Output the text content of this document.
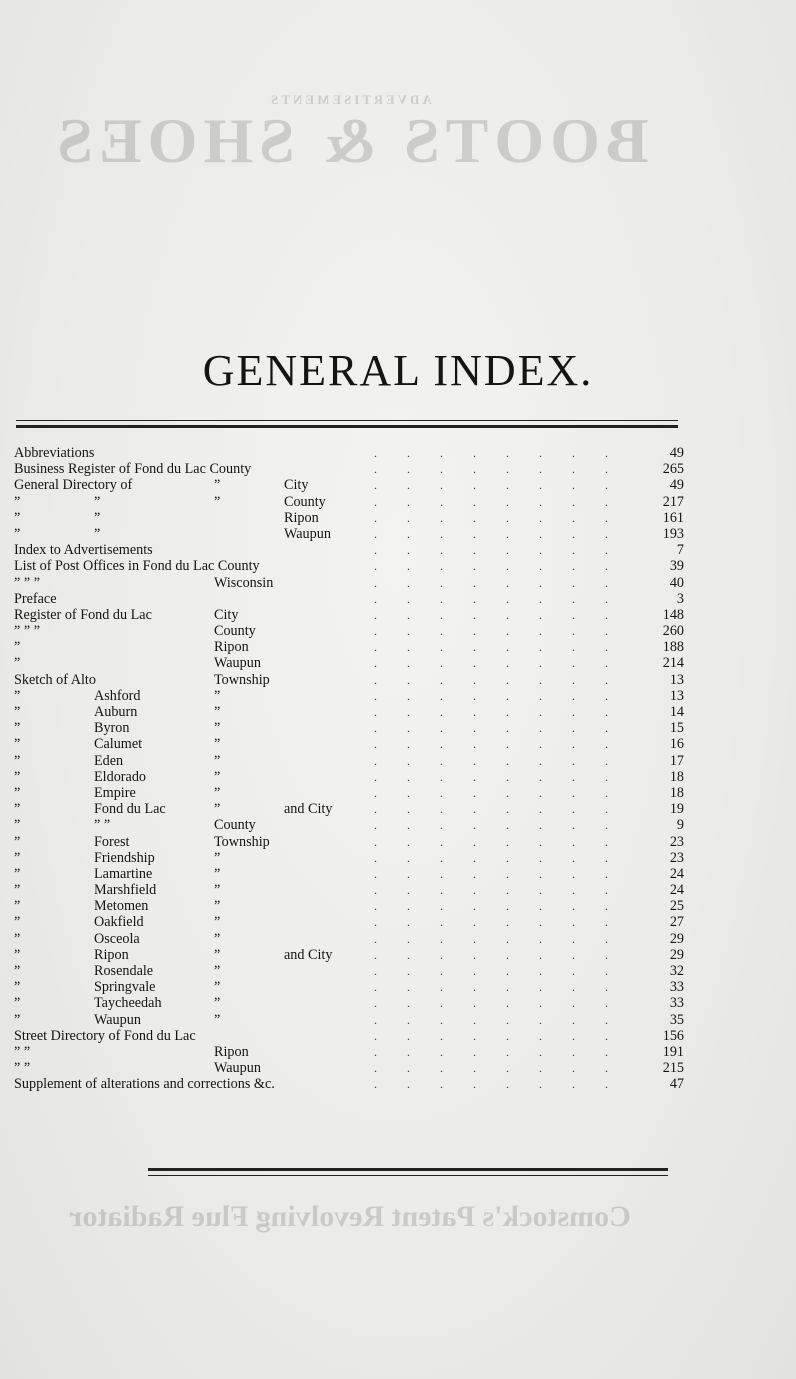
ADVERTISEMENTS
BOOTS & SHOES
Comstock's Patent Revolving Flue Radiator
GENERAL INDEX.
Abbreviations	........ 49
Business Register of Fond du Lac County	........ 265
General Directory of	”	City	........ 49
”	”	”	County	........ 217
”	”	Ripon	........ 161
”	”	Waupun	........ 193
Index to Advertisements	........	7
List of Post Offices in Fond du Lac County	........ 39
” ” ”	Wisconsin	........ 40
Preface	........	3
Register of Fond du Lac	City	........ 148
” ” ”	County	........ 260
”	Ripon	........ 188
”	Waupun	........ 214
Sketch of Alto	Township	........ 13
”	Ashford	”	........ 13
”	Auburn	”	........ 14
”	Byron	”	........ 15
”	Calumet	”	........ 16
”	Eden	”	........ 17
”	Eldorado	”	........ 18
”	Empire	”	........ 18
”	Fond du Lac	”	and City	........ 19
”	” ”	County	........	9
”	Forest	Township	........ 23
”	Friendship	”	........ 23
”	Lamartine	”	........ 24
”	Marshfield	”	........ 24
”	Metomen	”	........ 25
”	Oakfield	”	........ 27
”	Osceola	”	........ 29
”	Ripon	”	and City	........ 29
”	Rosendale	”	........ 32
”	Springvale	”	........ 33
”	Taycheedah	”	........ 33
”	Waupun	”	........ 35
Street Directory of Fond du Lac	........ 156
” ”	Ripon	........ 191
” ”	Waupun	........ 215
Supplement of alterations and corrections &c.	........ 47
